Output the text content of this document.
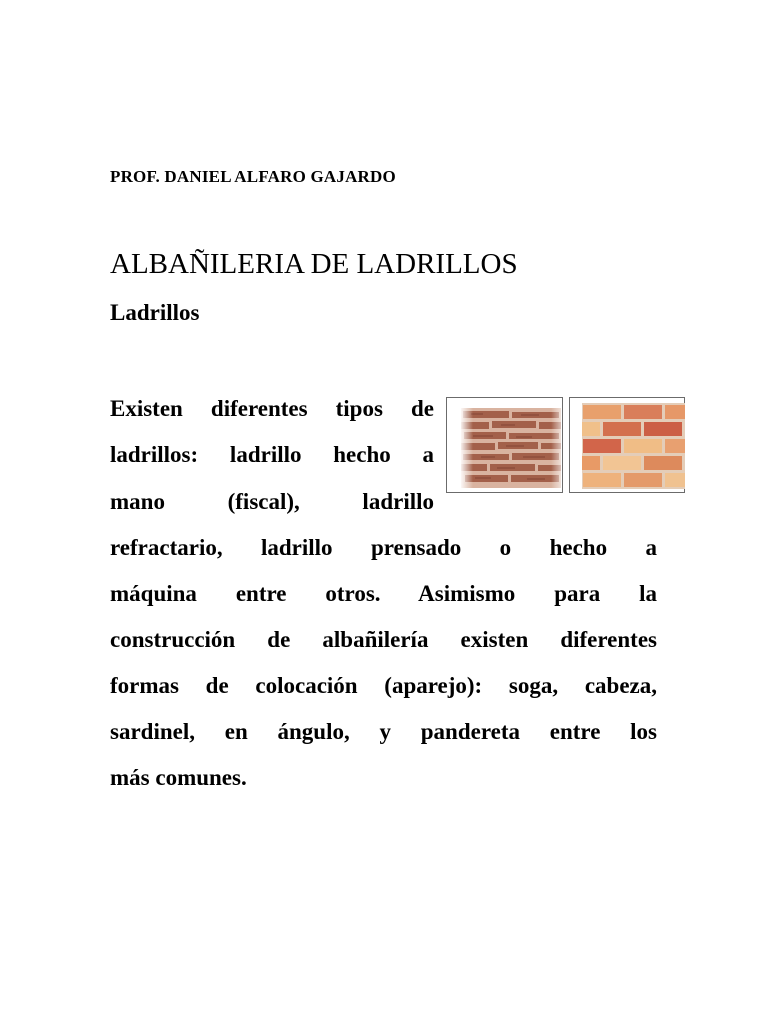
PROF. DANIEL ALFARO GAJARDO
ALBAÑILERIA DE LADRILLOS
Ladrillos
Existen diferentes tipos de
ladrillos: ladrillo hecho a
mano (fiscal), ladrillo
refractario, ladrillo prensado o hecho a
máquina entre otros. Asimismo para la
construcción de albañilería existen diferentes
formas de colocación (aparejo): soga, cabeza,
sardinel, en ángulo, y pandereta entre los
más comunes.
